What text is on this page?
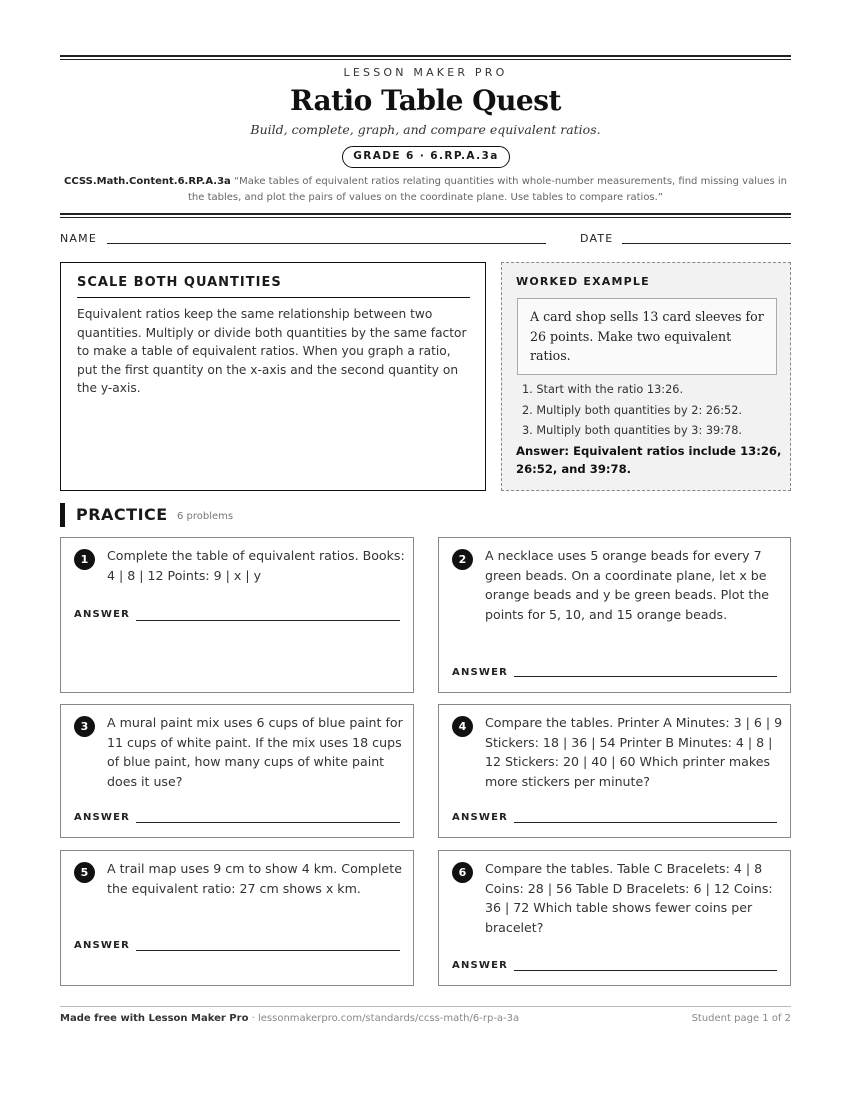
LESSON MAKER PRO
Ratio Table Quest
Build, complete, graph, and compare equivalent ratios.
GRADE 6 · 6.RP.A.3a
CCSS.Math.Content.6.RP.A.3a “Make tables of equivalent ratios relating quantities with whole-number measurements, find missing values in the tables, and plot the pairs of values on the coordinate plane. Use tables to compare ratios.”
NAME	DATE
SCALE BOTH QUANTITIES
Equivalent ratios keep the same relationship between two quantities. Multiply or divide both quantities by the same factor to make a table of equivalent ratios. When you graph a ratio, put the first quantity on the x-axis and the second quantity on the y-axis.
WORKED EXAMPLE
A card shop sells 13 card sleeves for 26 points. Make two equivalent ratios.
1. Start with the ratio 13:26.
2. Multiply both quantities by 2: 26:52.
3. Multiply both quantities by 3: 39:78.
Answer: Equivalent ratios include 13:26, 26:52, and 39:78.
PRACTICE 6 problems
1	Complete the table of equivalent ratios. Books: 4 | 8 | 12 Points: 9 | x | y
ANSWER
2	A necklace uses 5 orange beads for every 7 green beads. On a coordinate plane, let x be orange beads and y be green beads. Plot the points for 5, 10, and 15 orange beads.
ANSWER
3	A mural paint mix uses 6 cups of blue paint for 11 cups of white paint. If the mix uses 18 cups of blue paint, how many cups of white paint does it use?
ANSWER
4	Compare the tables. Printer A Minutes: 3 | 6 | 9 Stickers: 18 | 36 | 54 Printer B Minutes: 4 | 8 | 12 Stickers: 20 | 40 | 60 Which printer makes more stickers per minute?
ANSWER
5	A trail map uses 9 cm to show 4 km. Complete the equivalent ratio: 27 cm shows x km.
ANSWER
6	Compare the tables. Table C Bracelets: 4 | 8 Coins: 28 | 56 Table D Bracelets: 6 | 12 Coins: 36 | 72 Which table shows fewer coins per bracelet?
ANSWER
Made free with Lesson Maker Pro · lessonmakerpro.com/standards/ccss-math/6-rp-a-3a	Student page 1 of 2
